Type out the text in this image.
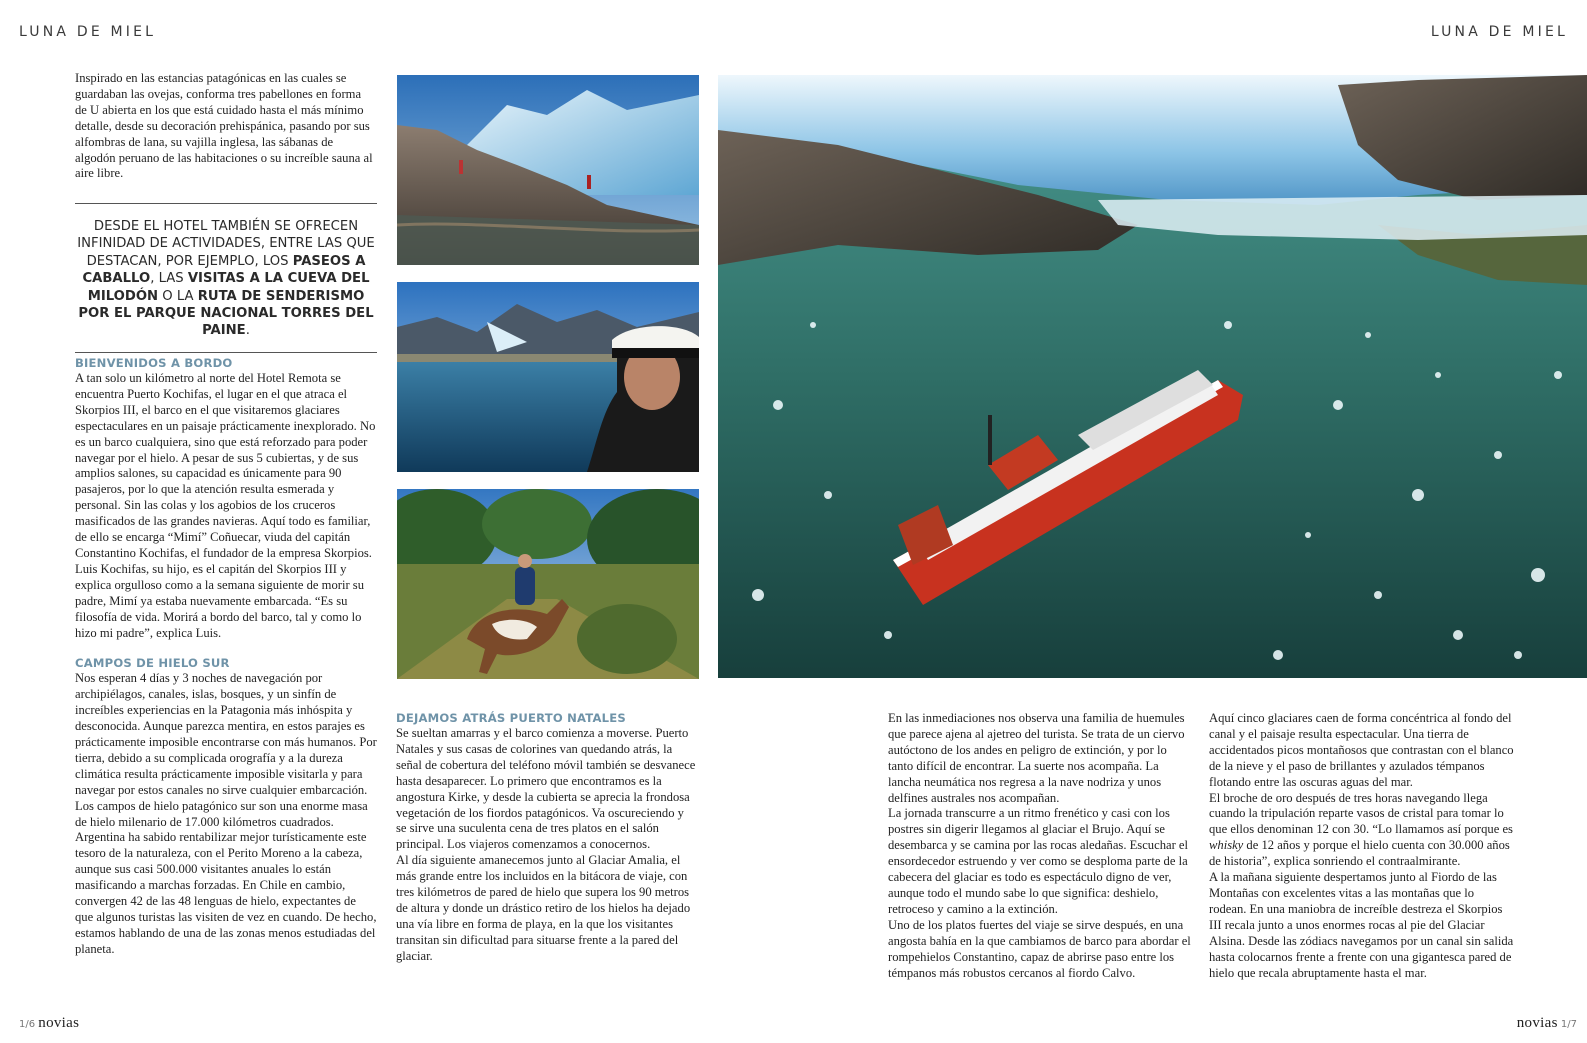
LUNA DE MIEL	LUNA DE MIEL

Inspirado en las estancias patagónicas en las cuales se guardaban las ovejas, conforma tres pabellones en forma de U abierta en los que está cuidado hasta el más mínimo detalle, desde su decoración prehispánica, pasando por sus alfombras de lana, su vajilla inglesa, las sábanas de algodón peruano de las habitaciones o su increíble sauna al aire libre.

DESDE EL HOTEL TAMBIÉN SE OFRECEN INFINIDAD DE ACTIVIDADES, ENTRE LAS QUE DESTACAN, POR EJEMPLO, LOS PASEOS A CABALLO, LAS VISITAS A LA CUEVA DEL MILODÓN O LA RUTA DE SENDERISMO POR EL PARQUE NACIONAL TORRES DEL PAINE.
BIENVENIDOS A BORDO

A tan solo un kilómetro al norte del Hotel Remota se encuentra Puerto Kochifas, el lugar en el que atraca el Skorpios III, el barco en el que visitaremos glaciares espectaculares en un paisaje prácticamente inexplorado. No es un barco cualquiera, sino que está reforzado para poder navegar por el hielo. A pesar de sus 5 cubiertas, y de sus amplios salones, su capacidad es únicamente para 90 pasajeros, por lo que la atención resulta esmerada y personal. Sin las colas y los agobios de los cruceros masificados de las grandes navieras. Aquí todo es familiar, de ello se encarga “Mimí” Coñuecar, viuda del capitán Constantino Kochifas, el fundador de la empresa Skorpios. Luis Kochifas, su hijo, es el capitán del Skorpios III y explica orgulloso como a la semana siguiente de morir su padre, Mimí ya estaba nuevamente embarcada. “Es su filosofía de vida. Morirá a bordo del barco, tal y como lo hizo mi padre”, explica Luis.

CAMPOS DE HIELO SUR

Nos esperan 4 días y 3 noches de navegación por archipiélagos, canales, islas, bosques, y un sinfín de increíbles experiencias en la Patagonia más inhóspita y desconocida. Aunque parezca mentira, en estos parajes es prácticamente imposible encontrarse con más humanos. Por tierra, debido a su complicada orografía y a la dureza climática resulta prácticamente imposible visitarla y para navegar por estos canales no sirve cualquier embarcación. Los campos de hielo patagónico sur son una enorme masa de hielo milenario de 17.000 kilómetros cuadrados.

Argentina ha sabido rentabilizar mejor turísticamente este tesoro de la naturaleza, con el Perito Moreno a la cabeza, aunque sus casi 500.000 visitantes anuales lo están masificando a marchas forzadas. En Chile en cambio, convergen 42 de las 48 lenguas de hielo, expectantes de que algunos turistas las visiten de vez en cuando. De hecho, estamos hablando de una de las zonas menos estudiadas del planeta.

DEJAMOS ATRÁS PUERTO NATALES

Se sueltan amarras y el barco comienza a moverse. Puerto Natales y sus casas de colorines van quedando atrás, la señal de cobertura del teléfono móvil también se desvanece hasta desaparecer. Lo primero que encontramos es la angostura Kirke, y desde la cubierta se aprecia la frondosa vegetación de los fiordos patagónicos. Va oscureciendo y se sirve una suculenta cena de tres platos en el salón principal. Los viajeros comenzamos a conocernos.

Al día siguiente amanecemos junto al Glaciar Amalia, el más grande entre los incluidos en la bitácora de viaje, con tres kilómetros de pared de hielo que supera los 90 metros de altura y donde un drástico retiro de los hielos ha dejado una vía libre en forma de playa, en la que los visitantes transitan sin dificultad para situarse frente a la pared del glaciar.

En las inmediaciones nos observa una familia de huemules que parece ajena al ajetreo del turista. Se trata de un ciervo autóctono de los andes en peligro de extinción, y por lo tanto difícil de encontrar. La suerte nos acompaña. La lancha neumática nos regresa a la nave nodriza y unos delfines australes nos acompañan.

La jornada transcurre a un ritmo frenético y casi con los postres sin digerir llegamos al glaciar el Brujo. Aquí se desembarca y se camina por las rocas aledañas. Escuchar el ensordecedor estruendo y ver como se desploma parte de la cabecera del glaciar es todo es espectáculo digno de ver, aunque todo el mundo sabe lo que significa: deshielo, retroceso y camino a la extinción.

Uno de los platos fuertes del viaje se sirve después, en una angosta bahía en la que cambiamos de barco para abordar el rompehielos Constantino, capaz de abrirse paso entre los témpanos más robustos cercanos al fiordo Calvo.

Aquí cinco glaciares caen de forma concéntrica al fondo del canal y el paisaje resulta espectacular. Una tierra de accidentados picos montañosos que contrastan con el blanco de la nieve y el paso de brillantes y azulados témpanos flotando entre las oscuras aguas del mar.

El broche de oro después de tres horas navegando llega cuando la tripulación reparte vasos de cristal para tomar lo que ellos denominan 12 con 30. “Lo llamamos así porque es whisky de 12 años y porque el hielo cuenta con 30.000 años de historia”, explica sonriendo el contraalmirante.

A la mañana siguiente despertamos junto al Fiordo de las Montañas con excelentes vitas a las montañas que lo rodean. En una maniobra de increíble destreza el Skorpios III recala junto a unos enormes rocas al pie del Glaciar Alsina. Desde las zódiacs navegamos por un canal sin salida hasta colocarnos frente a frente con una gigantesca pared de hielo que recala abruptamente hasta el mar.

1/6 novias	novias 1/7
